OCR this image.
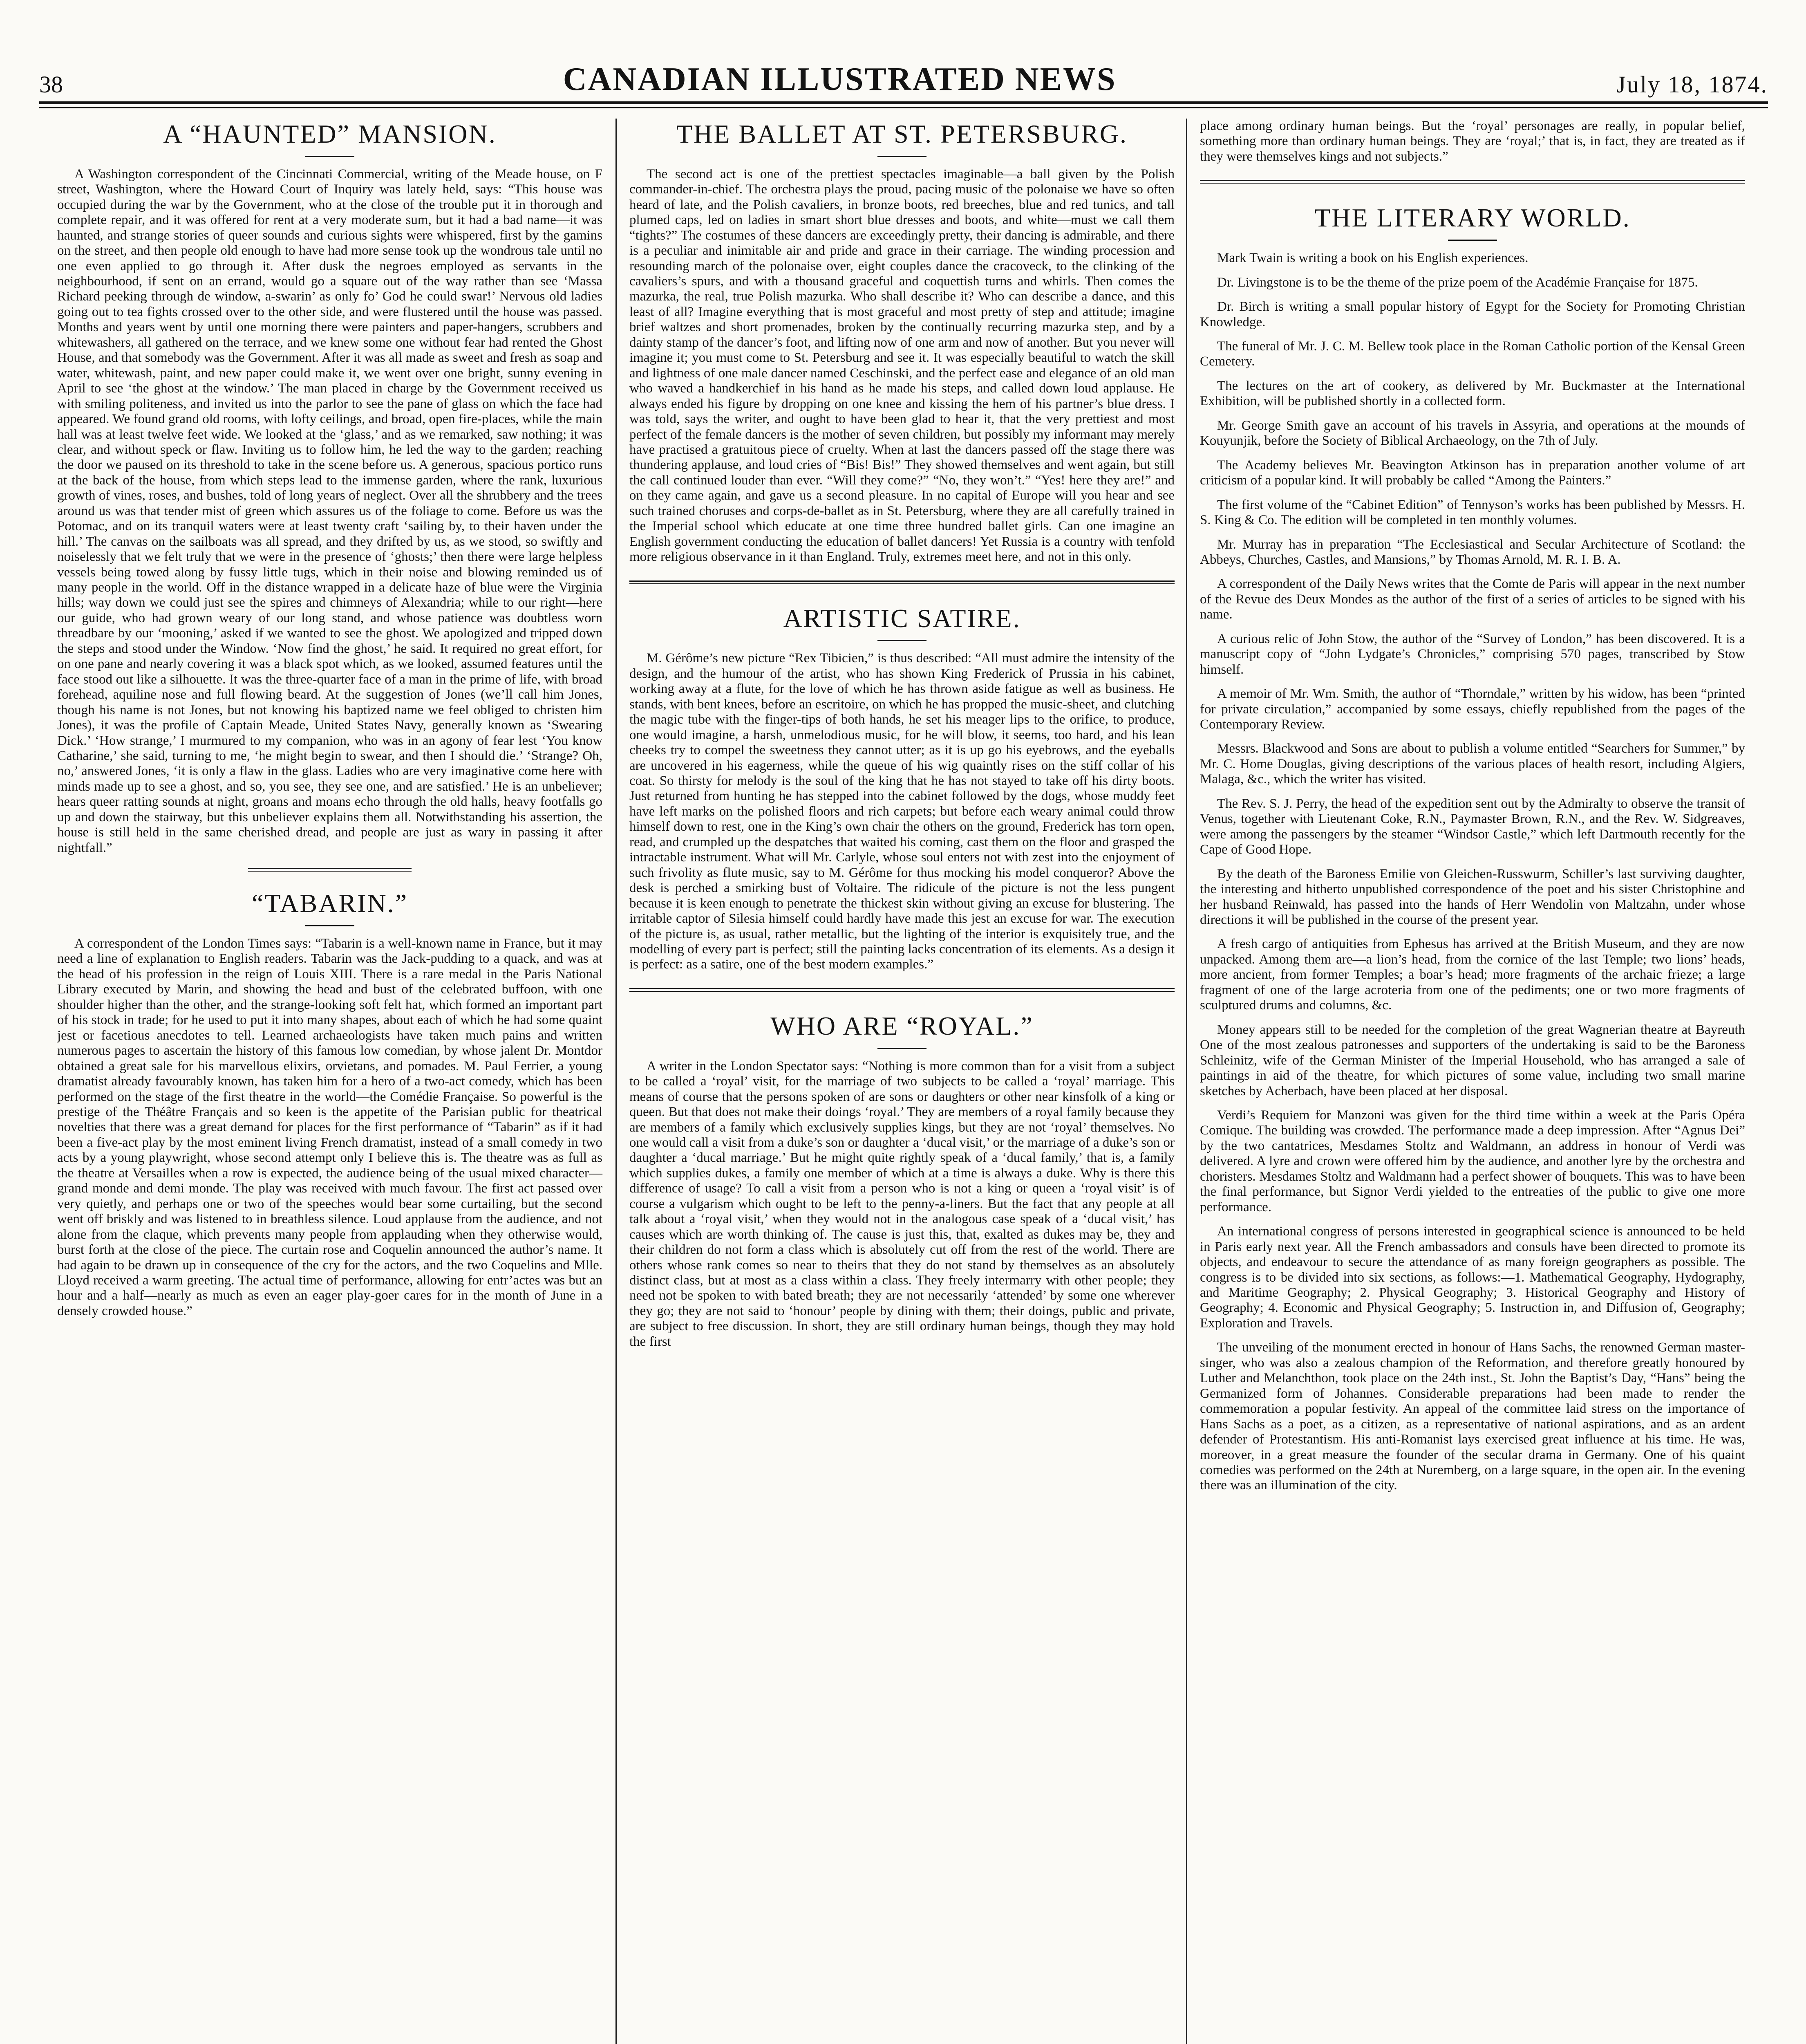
38	CANADIAN ILLUSTRATED NEWS	July 18, 1874.
A “HAUNTED” MANSION.

A Washington correspondent of the Cincinnati Commercial, writing of the Meade house, on F street, Washington, where the Howard Court of Inquiry was lately held, says: “This house was occupied during the war by the Government, who at the close of the trouble put it in thorough and complete repair, and it was offered for rent at a very moderate sum, but it had a bad name—it was haunted, and strange stories of queer sounds and curious sights were whispered, first by the gamins on the street, and then people old enough to have had more sense took up the wondrous tale until no one even applied to go through it. After dusk the negroes employed as servants in the neighbourhood, if sent on an errand, would go a square out of the way rather than see ‘Massa Richard peeking through de window, a-swarin’ as only fo’ God he could swar!’ Nervous old ladies going out to tea fights crossed over to the other side, and were flustered until the house was passed. Months and years went by until one morning there were painters and paper-hangers, scrubbers and whitewashers, all gathered on the terrace, and we knew some one without fear had rented the Ghost House, and that somebody was the Government. After it was all made as sweet and fresh as soap and water, whitewash, paint, and new paper could make it, we went over one bright, sunny evening in April to see ‘the ghost at the window.’ The man placed in charge by the Government received us with smiling politeness, and invited us into the parlor to see the pane of glass on which the face had appeared. We found grand old rooms, with lofty ceilings, and broad, open fire-places, while the main hall was at least twelve feet wide. We looked at the ‘glass,’ and as we remarked, saw nothing; it was clear, and without speck or flaw. Inviting us to follow him, he led the way to the garden; reaching the door we paused on its threshold to take in the scene before us. A generous, spacious portico runs at the back of the house, from which steps lead to the immense garden, where the rank, luxurious growth of vines, roses, and bushes, told of long years of neglect. Over all the shrubbery and the trees around us was that tender mist of green which assures us of the foliage to come. Before us was the Potomac, and on its tranquil waters were at least twenty craft ‘sailing by, to their haven under the hill.’ The canvas on the sailboats was all spread, and they drifted by us, as we stood, so swiftly and noiselessly that we felt truly that we were in the presence of ‘ghosts;’ then there were large helpless vessels being towed along by fussy little tugs, which in their noise and blowing reminded us of many people in the world. Off in the distance wrapped in a delicate haze of blue were the Virginia hills; way down we could just see the spires and chimneys of Alexandria; while to our right—here our guide, who had grown weary of our long stand, and whose patience was doubtless worn threadbare by our ‘mooning,’ asked if we wanted to see the ghost. We apologized and tripped down the steps and stood under the Window. ‘Now find the ghost,’ he said. It required no great effort, for on one pane and nearly covering it was a black spot which, as we looked, assumed features until the face stood out like a silhouette. It was the three-quarter face of a man in the prime of life, with broad forehead, aquiline nose and full flowing beard. At the suggestion of Jones (we’ll call him Jones, though his name is not Jones, but not knowing his baptized name we feel obliged to christen him Jones), it was the profile of Captain Meade, United States Navy, generally known as ‘Swearing Dick.’ ‘How strange,’ I murmured to my companion, who was in an agony of fear lest ‘You know Catharine,’ she said, turning to me, ‘he might begin to swear, and then I should die.’ ‘Strange? Oh, no,’ answered Jones, ‘it is only a flaw in the glass. Ladies who are very imaginative come here with minds made up to see a ghost, and so, you see, they see one, and are satisfied.’ He is an unbeliever; hears queer ratting sounds at night, groans and moans echo through the old halls, heavy footfalls go up and down the stairway, but this unbeliever explains them all. Notwithstanding his assertion, the house is still held in the same cherished dread, and people are just as wary in passing it after nightfall.”

“TABARIN.”

A correspondent of the London Times says: “Tabarin is a well-known name in France, but it may need a line of explanation to English readers. Tabarin was the Jack-pudding to a quack, and was at the head of his profession in the reign of Louis XIII. There is a rare medal in the Paris National Library executed by Marin, and showing the head and bust of the celebrated buffoon, with one shoulder higher than the other, and the strange-looking soft felt hat, which formed an important part of his stock in trade; for he used to put it into many shapes, about each of which he had some quaint jest or facetious anecdotes to tell. Learned archaeologists have taken much pains and written numerous pages to ascertain the history of this famous low comedian, by whose jalent Dr. Montdor obtained a great sale for his marvellous elixirs, orvietans, and pomades. M. Paul Ferrier, a young dramatist already favourably known, has taken him for a hero of a two-act comedy, which has been performed on the stage of the first theatre in the world—the Comédie Française. So powerful is the prestige of the Théâtre Français and so keen is the appetite of the Parisian public for theatrical novelties that there was a great demand for places for the first performance of “Tabarin” as if it had been a five-act play by the most eminent living French dramatist, instead of a small comedy in two acts by a young playwright, whose second attempt only I believe this is. The theatre was as full as the theatre at Versailles when a row is expected, the audience being of the usual mixed character—grand monde and demi monde. The play was received with much favour. The first act passed over very quietly, and perhaps one or two of the speeches would bear some curtailing, but the second went off briskly and was listened to in breathless silence. Loud applause from the audience, and not alone from the claque, which prevents many people from applauding when they otherwise would, burst forth at the close of the piece. The curtain rose and Coquelin announced the author’s name. It had again to be drawn up in consequence of the cry for the actors, and the two Coquelins and Mlle. Lloyd received a warm greeting. The actual time of performance, allowing for entr’actes was but an hour and a half—nearly as much as even an eager play-goer cares for in the month of June in a densely crowded house.”

THE BALLET AT ST. PETERSBURG.

The second act is one of the prettiest spectacles imaginable—a ball given by the Polish commander-in-chief. The orchestra plays the proud, pacing music of the polonaise we have so often heard of late, and the Polish cavaliers, in bronze boots, red breeches, blue and red tunics, and tall plumed caps, led on ladies in smart short blue dresses and boots, and white—must we call them “tights?” The costumes of these dancers are exceedingly pretty, their dancing is admirable, and there is a peculiar and inimitable air and pride and grace in their carriage. The winding procession and resounding march of the polonaise over, eight couples dance the cracoveck, to the clinking of the cavaliers’s spurs, and with a thousand graceful and coquettish turns and whirls. Then comes the mazurka, the real, true Polish mazurka. Who shall describe it? Who can describe a dance, and this least of all? Imagine everything that is most graceful and most pretty of step and attitude; imagine brief waltzes and short promenades, broken by the continually recurring mazurka step, and by a dainty stamp of the dancer’s foot, and lifting now of one arm and now of another. But you never will imagine it; you must come to St. Petersburg and see it. It was especially beautiful to watch the skill and lightness of one male dancer named Ceschinski, and the perfect ease and elegance of an old man who waved a handkerchief in his hand as he made his steps, and called down loud applause. He always ended his figure by dropping on one knee and kissing the hem of his partner’s blue dress. I was told, says the writer, and ought to have been glad to hear it, that the very prettiest and most perfect of the female dancers is the mother of seven children, but possibly my informant may merely have practised a gratuitous piece of cruelty. When at last the dancers passed off the stage there was thundering applause, and loud cries of “Bis! Bis!” They showed themselves and went again, but still the call continued louder than ever. “Will they come?” “No, they won’t.” “Yes! here they are!” and on they came again, and gave us a second pleasure. In no capital of Europe will you hear and see such trained choruses and corps-de-ballet as in St. Petersburg, where they are all carefully trained in the Imperial school which educate at one time three hundred ballet girls. Can one imagine an English government conducting the education of ballet dancers! Yet Russia is a country with tenfold more religious observance in it than England. Truly, extremes meet here, and not in this only.

ARTISTIC SATIRE.

M. Gérôme’s new picture “Rex Tibicien,” is thus described: “All must admire the intensity of the design, and the humour of the artist, who has shown King Frederick of Prussia in his cabinet, working away at a flute, for the love of which he has thrown aside fatigue as well as business. He stands, with bent knees, before an escritoire, on which he has propped the music-sheet, and clutching the magic tube with the finger-tips of both hands, he set his meager lips to the orifice, to produce, one would imagine, a harsh, unmelodious music, for he will blow, it seems, too hard, and his lean cheeks try to compel the sweetness they cannot utter; as it is up go his eyebrows, and the eyeballs are uncovered in his eagerness, while the queue of his wig quaintly rises on the stiff collar of his coat. So thirsty for melody is the soul of the king that he has not stayed to take off his dirty boots. Just returned from hunting he has stepped into the cabinet followed by the dogs, whose muddy feet have left marks on the polished floors and rich carpets; but before each weary animal could throw himself down to rest, one in the King’s own chair the others on the ground, Frederick has torn open, read, and crumpled up the despatches that waited his coming, cast them on the floor and grasped the intractable instrument. What will Mr. Carlyle, whose soul enters not with zest into the enjoyment of such frivolity as flute music, say to M. Gérôme for thus mocking his model conqueror? Above the desk is perched a smirking bust of Voltaire. The ridicule of the picture is not the less pungent because it is keen enough to penetrate the thickest skin without giving an excuse for blustering. The irritable captor of Silesia himself could hardly have made this jest an excuse for war. The execution of the picture is, as usual, rather metallic, but the lighting of the interior is exquisitely true, and the modelling of every part is perfect; still the painting lacks concentration of its elements. As a design it is perfect: as a satire, one of the best modern examples.”

WHO ARE “ROYAL.”

A writer in the London Spectator says: “Nothing is more common than for a visit from a subject to be called a ‘royal’ visit, for the marriage of two subjects to be called a ‘royal’ marriage. This means of course that the persons spoken of are sons or daughters or other near kinsfolk of a king or queen. But that does not make their doings ‘royal.’ They are members of a royal family because they are members of a family which exclusively supplies kings, but they are not ‘royal’ themselves. No one would call a visit from a duke’s son or daughter a ‘ducal visit,’ or the marriage of a duke’s son or daughter a ‘ducal marriage.’ But he might quite rightly speak of a ‘ducal family,’ that is, a family which supplies dukes, a family one member of which at a time is always a duke. Why is there this difference of usage? To call a visit from a person who is not a king or queen a ‘royal visit’ is of course a vulgarism which ought to be left to the penny-a-liners. But the fact that any people at all talk about a ‘royal visit,’ when they would not in the analogous case speak of a ‘ducal visit,’ has causes which are worth thinking of. The cause is just this, that, exalted as dukes may be, they and their children do not form a class which is absolutely cut off from the rest of the world. There are others whose rank comes so near to theirs that they do not stand by themselves as an absolutely distinct class, but at most as a class within a class. They freely intermarry with other people; they need not be spoken to with bated breath; they are not necessarily ‘attended’ by some one wherever they go; they are not said to ‘honour’ people by dining with them; their doings, public and private, are subject to free discussion. In short, they are still ordinary human beings, though they may hold the first

place among ordinary human beings. But the ‘royal’ personages are really, in popular belief, something more than ordinary human beings. They are ‘royal;’ that is, in fact, they are treated as if they were themselves kings and not subjects.”

THE LITERARY WORLD.

Mark Twain is writing a book on his English experiences.

Dr. Livingstone is to be the theme of the prize poem of the Académie Française for 1875.

Dr. Birch is writing a small popular history of Egypt for the Society for Promoting Christian Knowledge.

The funeral of Mr. J. C. M. Bellew took place in the Roman Catholic portion of the Kensal Green Cemetery.

The lectures on the art of cookery, as delivered by Mr. Buckmaster at the International Exhibition, will be published shortly in a collected form.

Mr. George Smith gave an account of his travels in Assyria, and operations at the mounds of Kouyunjik, before the Society of Biblical Archaeology, on the 7th of July.

The Academy believes Mr. Beavington Atkinson has in preparation another volume of art criticism of a popular kind. It will probably be called “Among the Painters.”

The first volume of the “Cabinet Edition” of Tennyson’s works has been published by Messrs. H. S. King & Co. The edition will be completed in ten monthly volumes.

Mr. Murray has in preparation “The Ecclesiastical and Secular Architecture of Scotland: the Abbeys, Churches, Castles, and Mansions,” by Thomas Arnold, M. R. I. B. A.

A correspondent of the Daily News writes that the Comte de Paris will appear in the next number of the Revue des Deux Mondes as the author of the first of a series of articles to be signed with his name.

A curious relic of John Stow, the author of the “Survey of London,” has been discovered. It is a manuscript copy of “John Lydgate’s Chronicles,” comprising 570 pages, transcribed by Stow himself.

A memoir of Mr. Wm. Smith, the author of “Thorndale,” written by his widow, has been “printed for private circulation,” accompanied by some essays, chiefly republished from the pages of the Contemporary Review.

Messrs. Blackwood and Sons are about to publish a volume entitled “Searchers for Summer,” by Mr. C. Home Douglas, giving descriptions of the various places of health resort, including Algiers, Malaga, &c., which the writer has visited.

The Rev. S. J. Perry, the head of the expedition sent out by the Admiralty to observe the transit of Venus, together with Lieutenant Coke, R.N., Paymaster Brown, R.N., and the Rev. W. Sidgreaves, were among the passengers by the steamer “Windsor Castle,” which left Dartmouth recently for the Cape of Good Hope.

By the death of the Baroness Emilie von Gleichen-Russwurm, Schiller’s last surviving daughter, the interesting and hitherto unpublished correspondence of the poet and his sister Christophine and her husband Reinwald, has passed into the hands of Herr Wendolin von Maltzahn, under whose directions it will be published in the course of the present year.

A fresh cargo of antiquities from Ephesus has arrived at the British Museum, and they are now unpacked. Among them are—a lion’s head, from the cornice of the last Temple; two lions’ heads, more ancient, from former Temples; a boar’s head; more fragments of the archaic frieze; a large fragment of one of the large acroteria from one of the pediments; one or two more fragments of sculptured drums and columns, &c.

Money appears still to be needed for the completion of the great Wagnerian theatre at Bayreuth One of the most zealous patronesses and supporters of the undertaking is said to be the Baroness Schleinitz, wife of the German Minister of the Imperial Household, who has arranged a sale of paintings in aid of the theatre, for which pictures of some value, including two small marine sketches by Acherbach, have been placed at her disposal.

Verdi’s Requiem for Manzoni was given for the third time within a week at the Paris Opéra Comique. The building was crowded. The performance made a deep impression. After “Agnus Dei” by the two cantatrices, Mesdames Stoltz and Waldmann, an address in honour of Verdi was delivered. A lyre and crown were offered him by the audience, and another lyre by the orchestra and choristers. Mesdames Stoltz and Waldmann had a perfect shower of bouquets. This was to have been the final performance, but Signor Verdi yielded to the entreaties of the public to give one more performance.

An international congress of persons interested in geographical science is announced to be held in Paris early next year. All the French ambassadors and consuls have been directed to promote its objects, and endeavour to secure the attendance of as many foreign geographers as possible. The congress is to be divided into six sections, as follows:—1. Mathematical Geography, Hydography, and Maritime Geography; 2. Physical Geography; 3. Historical Geography and History of Geography; 4. Economic and Physical Geography; 5. Instruction in, and Diffusion of, Geography; Exploration and Travels.

The unveiling of the monument erected in honour of Hans Sachs, the renowned German master-singer, who was also a zealous champion of the Reformation, and therefore greatly honoured by Luther and Melanchthon, took place on the 24th inst., St. John the Baptist’s Day, “Hans” being the Germanized form of Johannes. Considerable preparations had been made to render the commemoration a popular festivity. An appeal of the committee laid stress on the importance of Hans Sachs as a poet, as a citizen, as a representative of national aspirations, and as an ardent defender of Protestantism. His anti-Romanist lays exercised great influence at his time. He was, moreover, in a great measure the founder of the secular drama in Germany. One of his quaint comedies was performed on the 24th at Nuremberg, on a large square, in the open air. In the evening there was an illumination of the city.
